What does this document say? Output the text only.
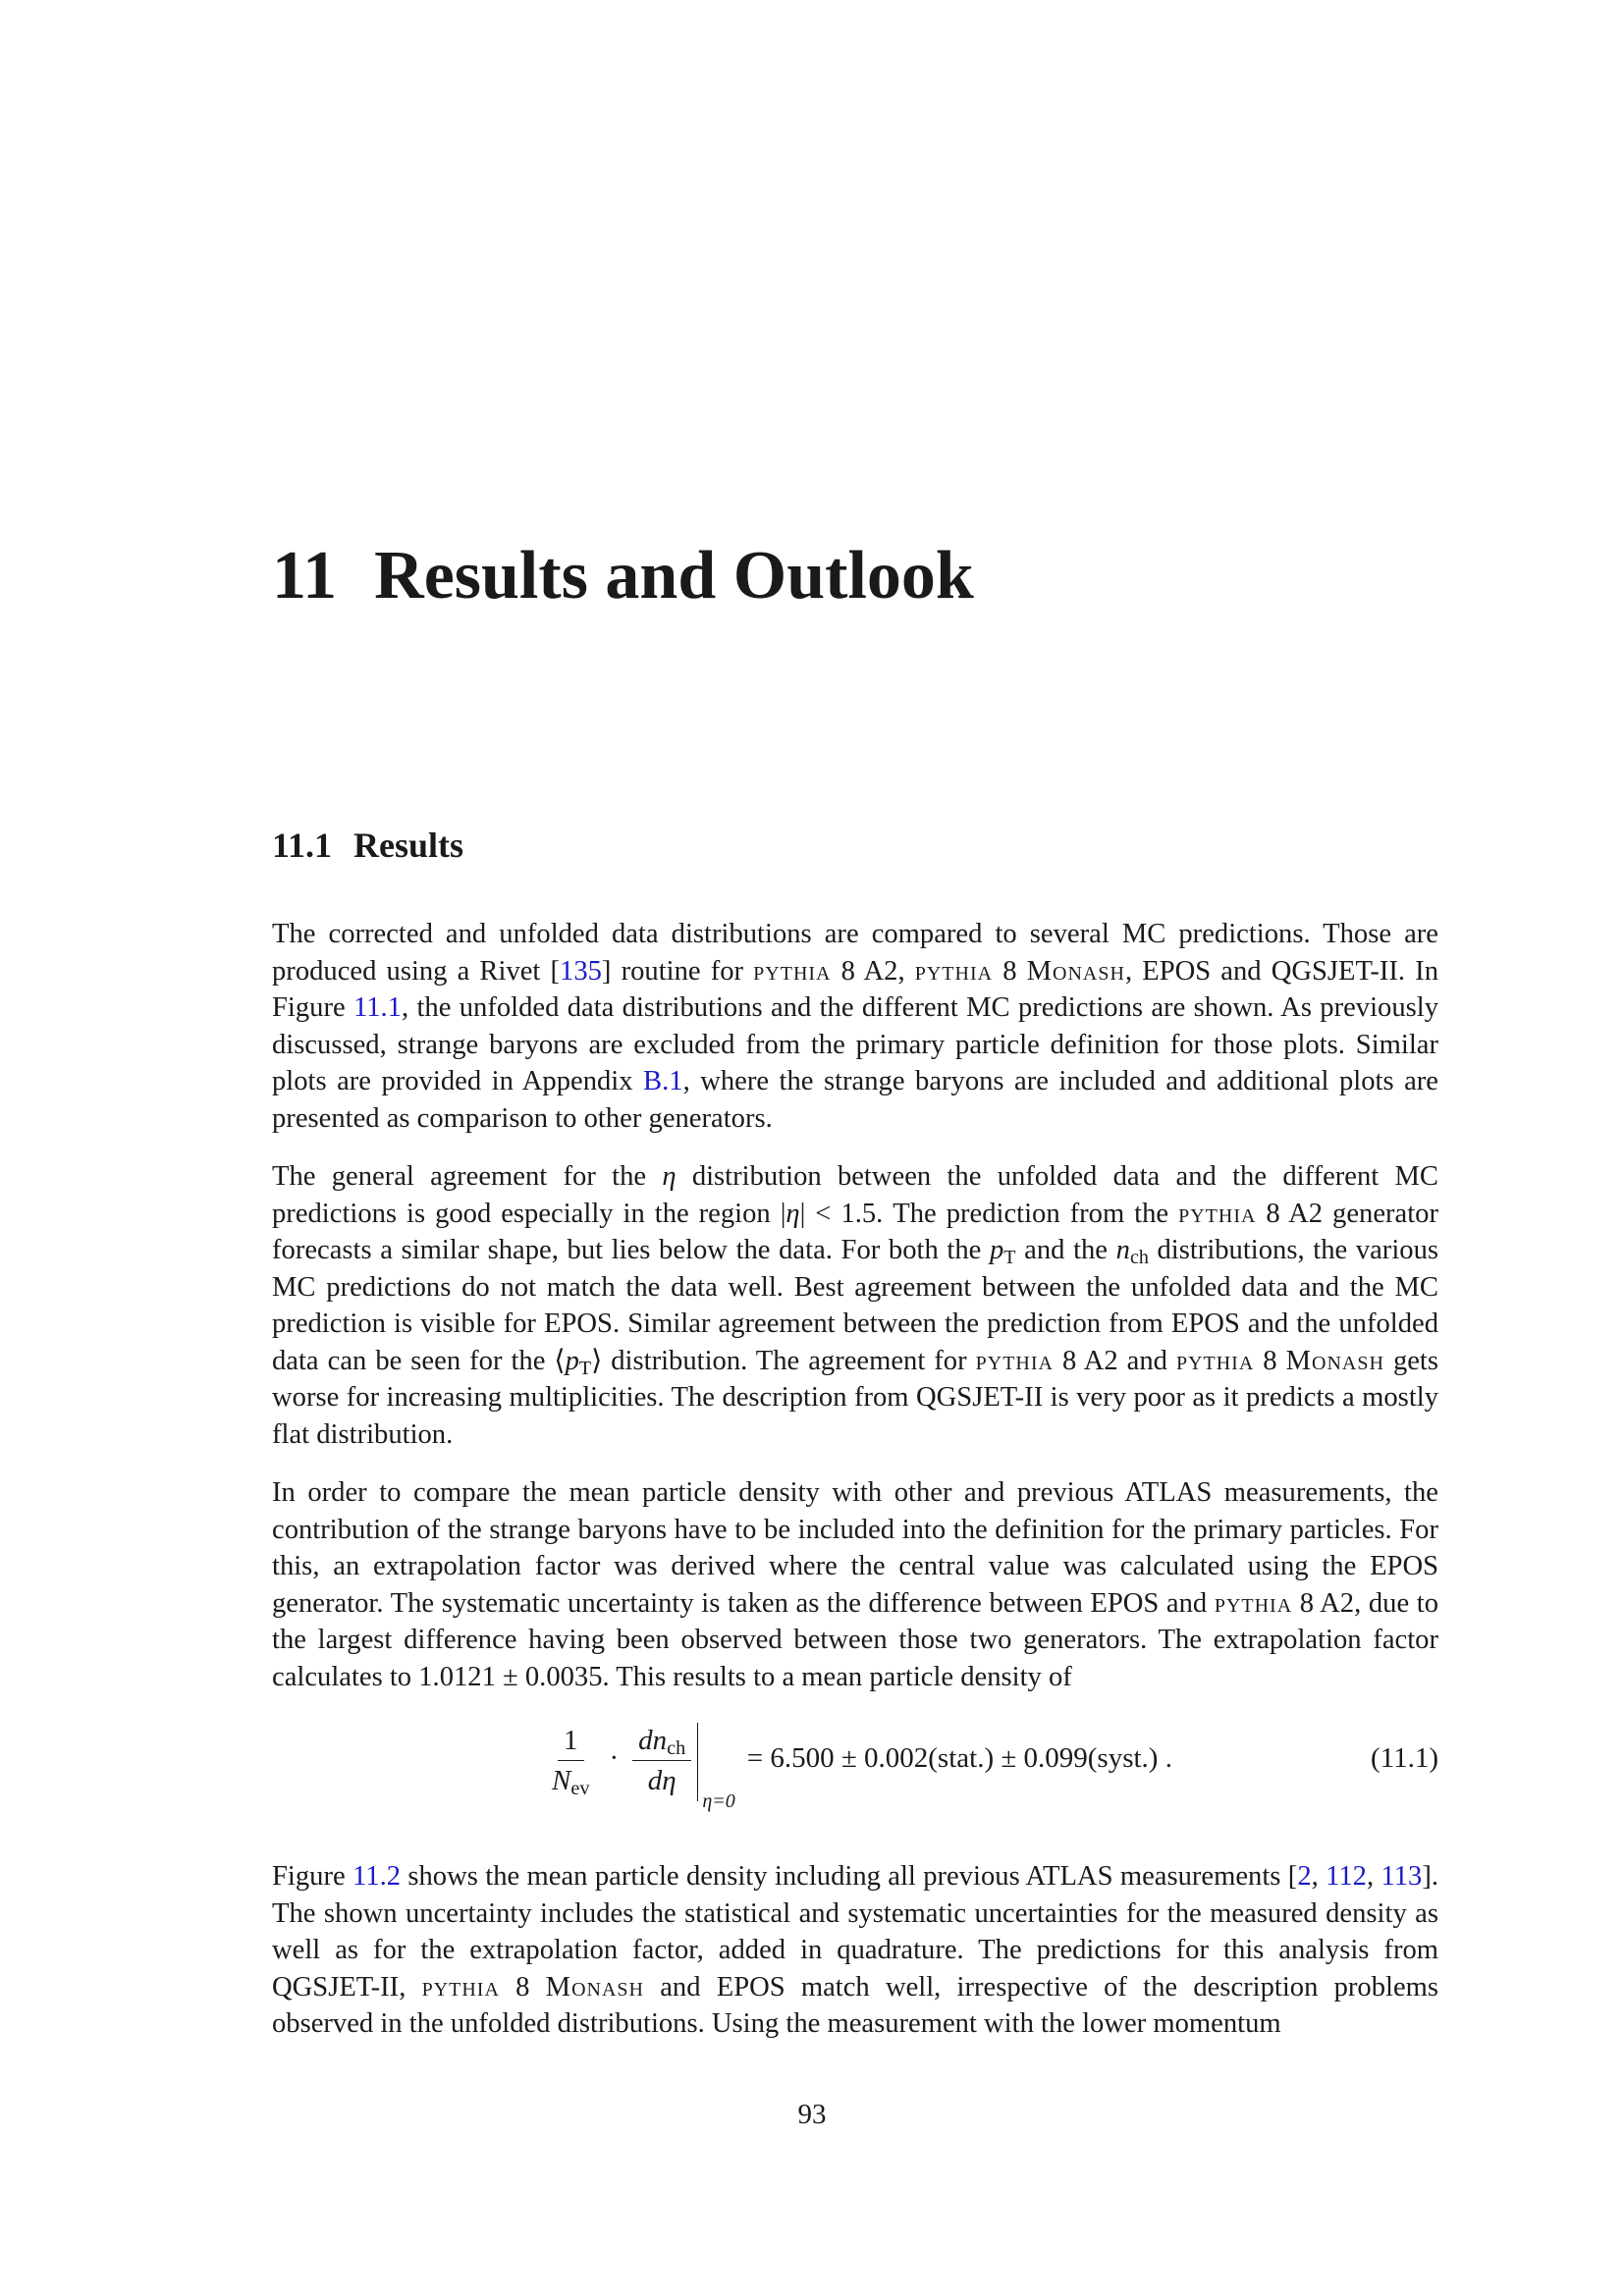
11 Results and Outlook
11.1 Results

The corrected and unfolded data distributions are compared to several MC predictions. Those are produced using a Rivet [135] routine for pythia 8 A2, pythia 8 Monash, EPOS and QGSJET-II. In Figure 11.1, the unfolded data distributions and the different MC predictions are shown. As previously discussed, strange baryons are excluded from the primary particle definition for those plots. Similar plots are provided in Appendix B.1, where the strange baryons are included and additional plots are presented as comparison to other generators.

The general agreement for the η distribution between the unfolded data and the different MC predictions is good especially in the region |η| < 1.5. The prediction from the pythia 8 A2 generator forecasts a similar shape, but lies below the data. For both the $p_T$ and the $n_{ch}$ distributions, the various MC predictions do not match the data well. Best agreement between the unfolded data and the MC prediction is visible for EPOS. Similar agreement between the prediction from EPOS and the unfolded data can be seen for the $⟨p_T⟩$ distribution. The agreement for pythia 8 A2 and pythia 8 Monash gets worse for increasing multiplicities. The description from QGSJET-II is very poor as it predicts a mostly flat distribution.

In order to compare the mean particle density with other and previous ATLAS measurements, the contribution of the strange baryons have to be included into the definition for the primary particles. For this, an extrapolation factor was derived where the central value was calculated using the EPOS generator. The systematic uncertainty is taken as the difference between EPOS and pythia 8 A2, due to the largest difference having been observed between those two generators. The extrapolation factor calculates to 1.0121 ± 0.0035. This results to a mean particle density of

$\frac{1}{N_{ev}} \cdot \frac{dn_{ch}}{d\eta}$
η=0
= 6.500 ± 0.002(stat.) ± 0.099(syst.) .	(11.1)

Figure 11.2 shows the mean particle density including all previous ATLAS measurements [2, 112, 113]. The shown uncertainty includes the statistical and systematic uncertainties for the measured density as well as for the extrapolation factor, added in quadrature. The predictions for this analysis from QGSJET-II, pythia 8 Monash and EPOS match well, irrespective of the description problems observed in the unfolded distributions. Using the measurement with the lower momentum

93
